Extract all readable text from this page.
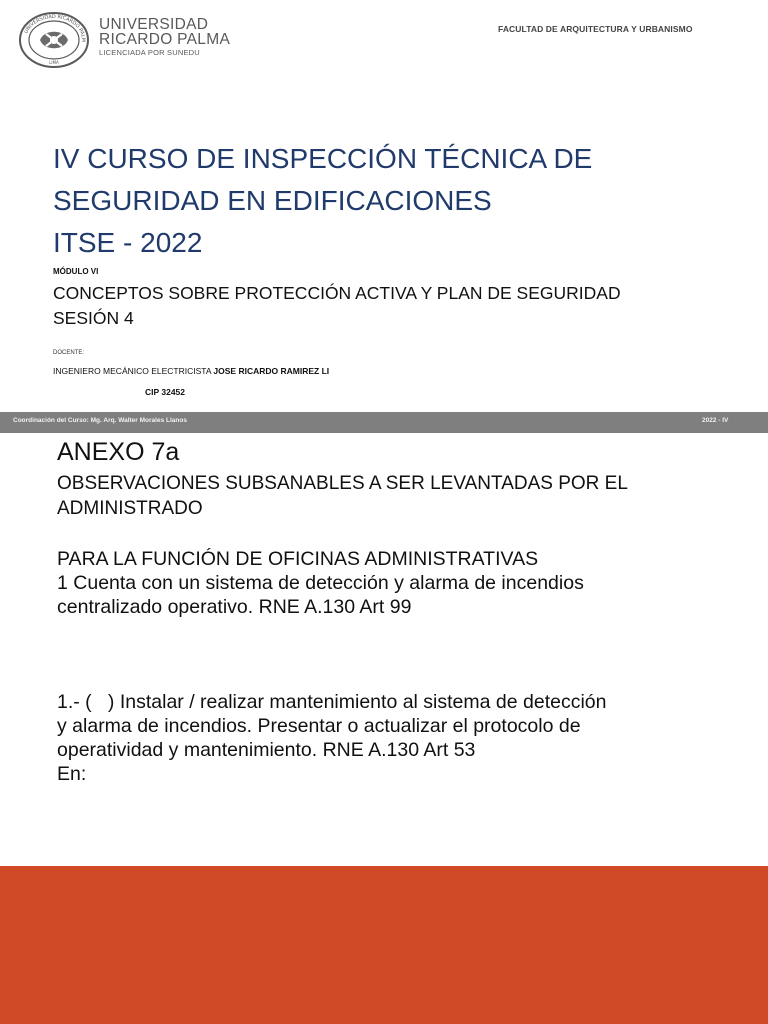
UNIVERSIDAD RICARDO PALM
LIMA
UNIVERSIDAD
RICARDO PALMA
LICENCIADA POR SUNEDU
FACULTAD DE ARQUITECTURA Y URBANISMO
IV CURSO DE INSPECCIÓN TÉCNICA DE
SEGURIDAD EN EDIFICACIONES
ITSE - 2022
MÓDULO VI
CONCEPTOS SOBRE PROTECCIÓN ACTIVA Y PLAN DE SEGURIDAD
SESIÓN 4
DOCENTE:
INGENIERO MECÁNICO ELECTRICISTA JOSE RICARDO RAMIREZ LI
CIP 32452
Coordinación del Curso: Mg. Arq. Walter Morales Llanos	2022 - IV
ANEXO 7a
OBSERVACIONES SUBSANABLES A SER LEVANTADAS POR EL
ADMINISTRADO
PARA LA FUNCIÓN DE OFICINAS ADMINISTRATIVAS
1 Cuenta con un sistema de detección y alarma de incendios
centralizado operativo. RNE A.130 Art 99
1.- (   ) Instalar / realizar mantenimiento al sistema de detección
y alarma de incendios. Presentar o actualizar el protocolo de
operatividad y mantenimiento. RNE A.130 Art 53
En:
